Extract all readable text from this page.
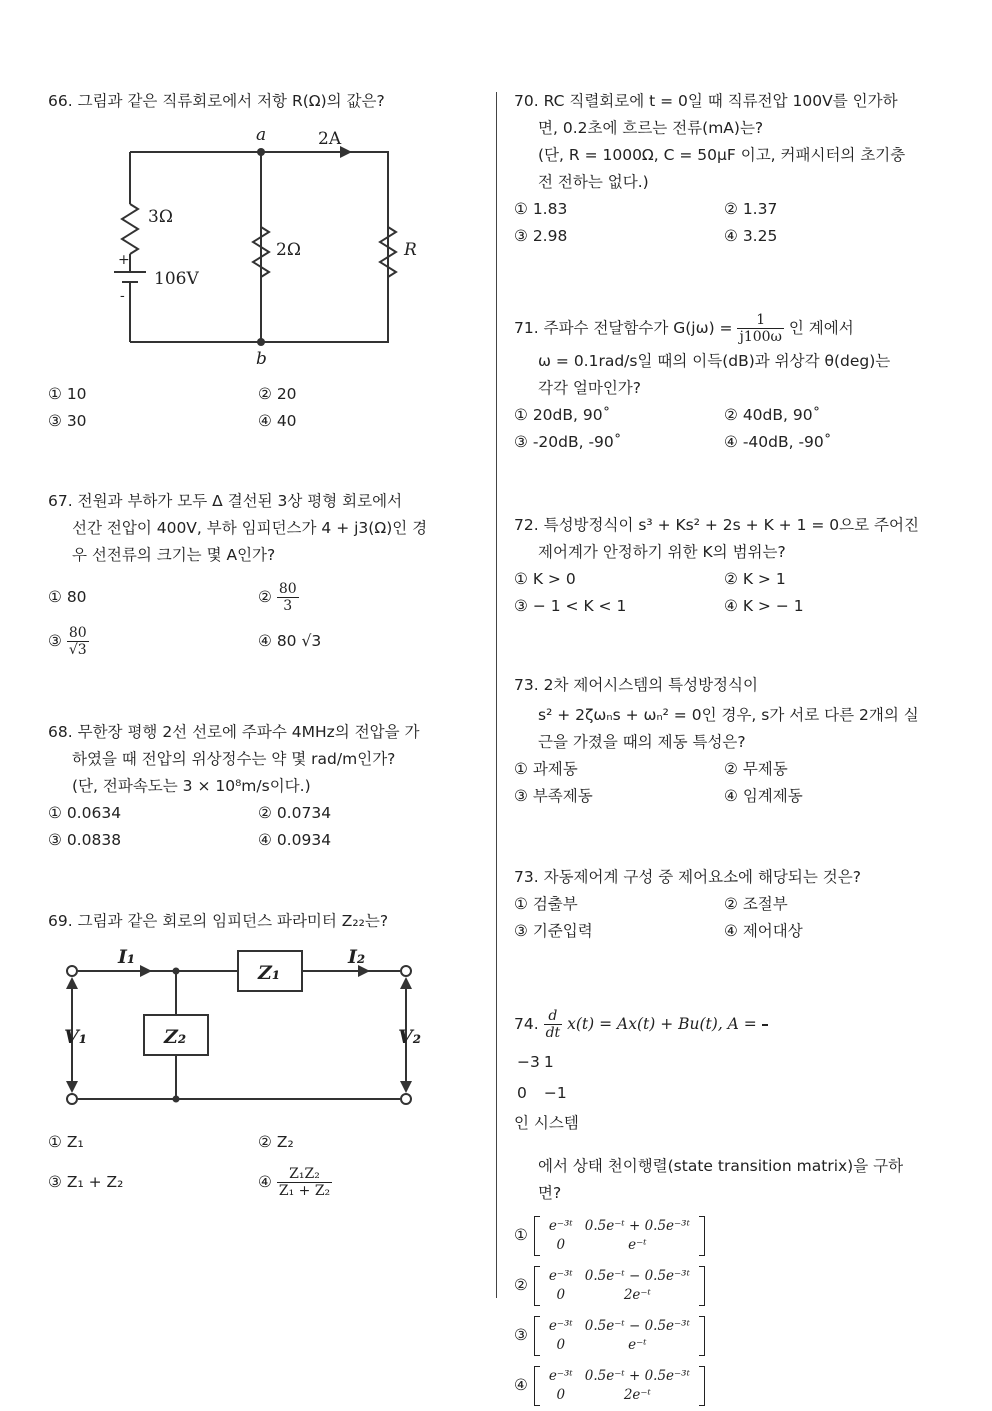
66. 그림과 같은 직류회로에서 저항 R(Ω)의 값은?

a	2A
3Ω
2Ω	R
+
-
106V
b
① 10	② 20
③ 30	④ 40

67. 전원과 부하가 모두 Δ 결선된 3상 평형 회로에서

선간 전압이 400V, 부하 임피던스가 4 + j3(Ω)인 경

우 선전류의 크기는 몇 A인가?

① 80	② $\frac{80}{3}$
③ $\frac{80}{√3}$	④ 80 √3

68. 무한장 평행 2선 선로에 주파수 4MHz의 전압을 가

하였을 때 전압의 위상정수는 약 몇 rad/m인가?

(단, 전파속도는 3 × 10⁸m/s이다.)

① 0.0634	② 0.0734
③ 0.0838	④ 0.0934

69. 그림과 같은 회로의 임피던스 파라미터 Z₂₂는?

I₁	I₂
Z₁
Z₂
V₁	V₂
① Z₁	② Z₂
③ Z₁ + Z₂	④ $\frac{\text{Z₁Z₂}}{\text{Z₁ + Z₂}}$

70. RC 직렬회로에 t = 0일 때 직류전압 100V를 인가하

면, 0.2초에 흐르는 전류(mA)는?

(단, R = 1000Ω, C = 50μF 이고, 커패시터의 초기충

전 전하는 없다.)

① 1.83	② 1.37
③ 2.98	④ 3.25

71. 주파수 전달함수가 $G(j\omega) = \frac{1}{j100\omega}$ 인 계에서

ω = 0.1rad/s일 때의 이득(dB)과 위상각 θ(deg)는

각각 얼마인가?

① 20dB, 90˚	② 40dB, 90˚
③ -20dB, -90˚	④ -40dB, -90˚

72. 특성방정식이 s³ + Ks² + 2s + K + 1 = 0으로 주어진

제어계가 안정하기 위한 K의 범위는?

① K > 0	② K > 1
③ − 1 < K < 1	④ K > − 1

73. 2차 제어시스템의 특성방정식이

s² + 2ζωₙs + ωₙ² = 0인 경우, s가 서로 다른 2개의 실

근을 가졌을 때의 제동 특성은?

① 과제동	② 무제동
③ 부족제동	④ 임계제동

73. 자동제어계 구성 중 제어요소에 해당되는 것은?

① 검출부	② 조절부
③ 기준입력	④ 제어대상

74. $\frac{d}{dt} x(t) = Ax(t) + Bu(t)$, A =

−3	1
0	−1
인 시스템

에서 상태 천이행렬(state transition matrix)을 구하

면?

①
e⁻³ᵗ	0.5e⁻ᵗ + 0.5e⁻³ᵗ
0	e⁻ᵗ
②
e⁻³ᵗ	0.5e⁻ᵗ − 0.5e⁻³ᵗ
0	2e⁻ᵗ
③
e⁻³ᵗ	0.5e⁻ᵗ − 0.5e⁻³ᵗ
0	e⁻ᵗ
④
e⁻³ᵗ	0.5e⁻ᵗ + 0.5e⁻³ᵗ
0	2e⁻ᵗ
